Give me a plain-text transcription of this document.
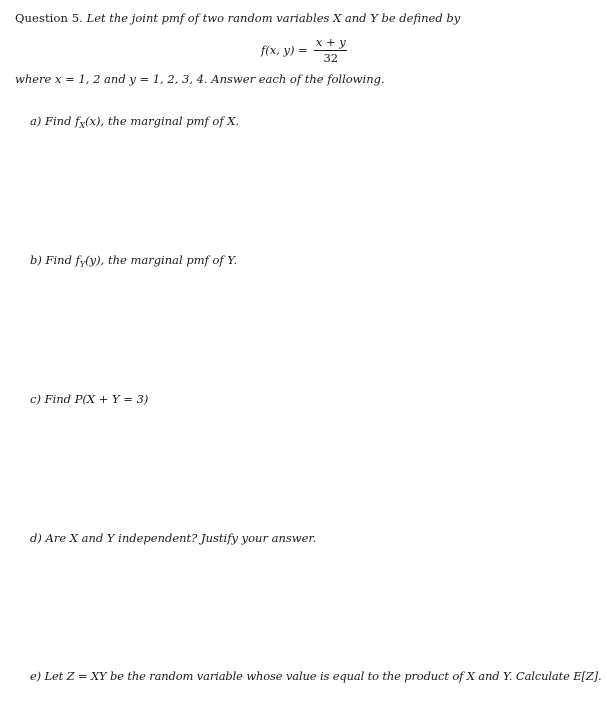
Question 5. Let the joint pmf of two random variables X and Y be defined by
f(x, $y) = \frac{x + y}{32}$
where x = 1, 2 and y = 1, 2, 3, 4. Answer each of the following.
a) Find $f_X(x)$, the marginal pmf of X.
b) Find $f_Y(y)$, the marginal pmf of Y.
c) Find P(X + Y = 3)
d) Are X and Y independent? Justify your answer.
e) Let Z = XY be the random variable whose value is equal to the product of X and Y. Calculate E[Z].
